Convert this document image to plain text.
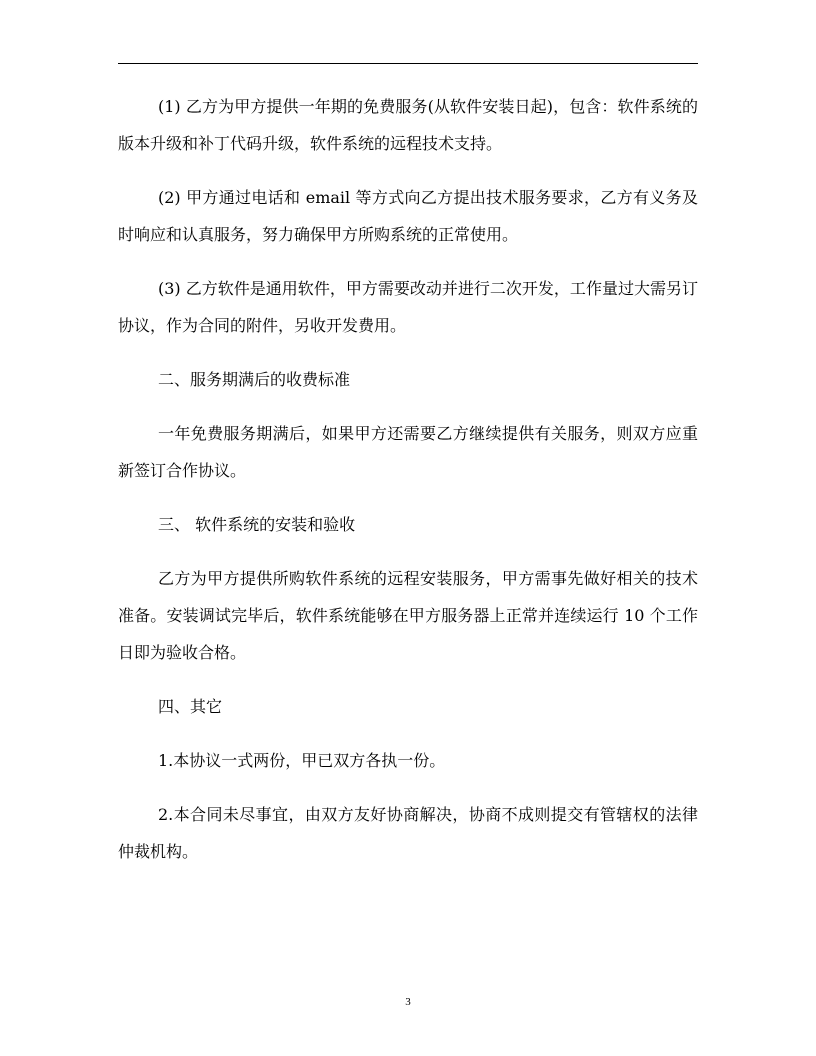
(1) 乙方为甲方提供一年期的免费服务(从软件安装日起)，包含：软件系统的版本升级和补丁代码升级，软件系统的远程技术支持。

(2) 甲方通过电话和 email 等方式向乙方提出技术服务要求，乙方有义务及时响应和认真服务，努力确保甲方所购系统的正常使用。

(3) 乙方软件是通用软件，甲方需要改动并进行二次开发，工作量过大需另订协议，作为合同的附件，另收开发费用。

二、服务期满后的收费标准

一年免费服务期满后，如果甲方还需要乙方继续提供有关服务，则双方应重新签订合作协议。

三、 软件系统的安装和验收

乙方为甲方提供所购软件系统的远程安装服务，甲方需事先做好相关的技术准备。安装调试完毕后，软件系统能够在甲方服务器上正常并连续运行 10 个工作日即为验收合格。

四、其它

1.本协议一式两份，甲已双方各执一份。

2.本合同未尽事宜，由双方友好协商解决，协商不成则提交有管辖权的法律仲裁机构。

3
